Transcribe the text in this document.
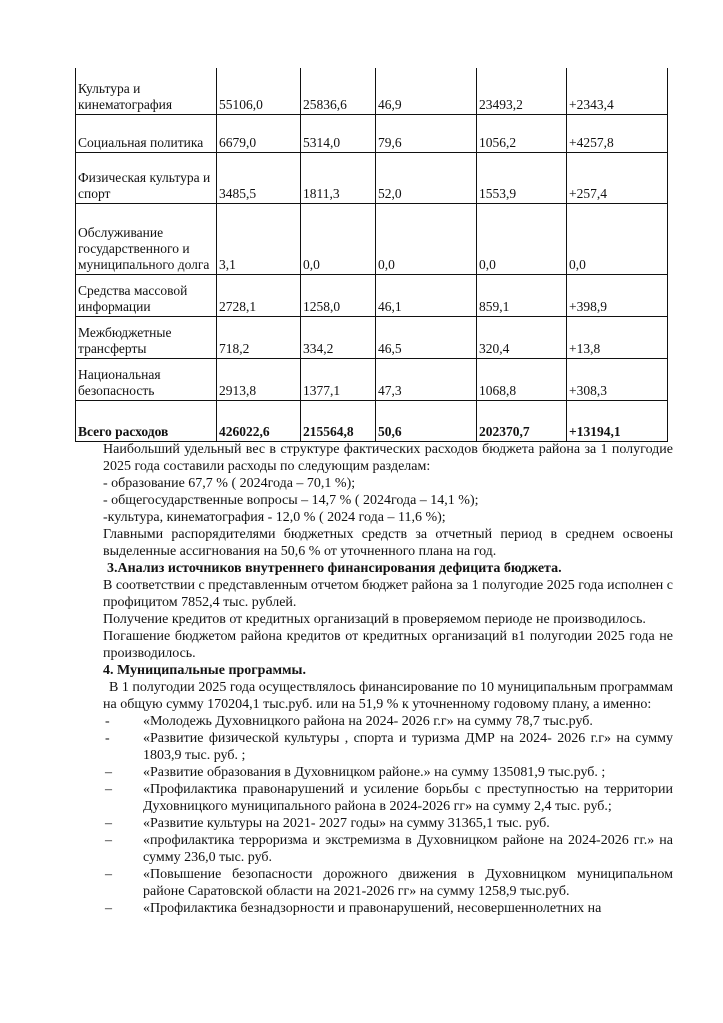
Культура и кинематография	55106,0	25836,6	46,9	23493,2	+2343,4
Социальная политика	6679,0	5314,0	79,6	1056,2	+4257,8
Физическая культура и спорт	3485,5	1811,3	52,0	1553,9	+257,4
Обслуживание государственного и муниципального долга	3,1	0,0	0,0	0,0	0,0
Средства массовой информации	2728,1	1258,0	46,1	859,1	+398,9
Межбюджетные трансферты	718,2	334,2	46,5	320,4	+13,8
Национальная безопасность	2913,8	1377,1	47,3	1068,8	+308,3
Всего расходов	426022,6	215564,8	50,6	202370,7	+13194,1

Наибольший удельный вес в структуре фактических расходов бюджета района за 1 полугодие 2025 года составили расходы по следующим разделам:

- образование 67,7 % ( 2024года – 70,1 %);

- общегосударственные вопросы – 14,7 % ( 2024года – 14,1 %);

-культура, кинематография - 12,0 % ( 2024 года – 11,6 %);

Главными распорядителями бюджетных средств за отчетный период в среднем освоены выделенные ассигнования на 50,6 % от уточненного плана на год.

3.Анализ источников внутреннего финансирования дефицита бюджета.

В соответствии с представленным отчетом бюджет района за 1 полугодие 2025 года исполнен с профицитом 7852,4 тыс. рублей.

Получение кредитов от кредитных организаций в проверяемом периоде не производилось.

Погашение бюджетом района кредитов от кредитных организаций в1 полугодии 2025 года не производилось.

4. Муниципальные программы.

В 1 полугодии 2025 года осуществлялось финансирование по 10 муниципальным программам на общую сумму 170204,1 тыс.руб. или на 51,9 % к уточненному годовому плану, а именно:

-	«Молодежь Духовницкого района на 2024- 2026 г.г» на сумму 78,7 тыс.руб.
-	«Развитие физической культуры , спорта и туризма ДМР на 2024- 2026 г.г» на сумму 1803,9 тыс. руб. ;
–	«Развитие образования в Духовницком районе.» на сумму 135081,9 тыс.руб. ;
–	«Профилактика правонарушений и усиление борьбы с преступностью на территории Духовницкого муниципального района в 2024-2026 гг» на сумму 2,4 тыс. руб.;
–	«Развитие культуры на 2021- 2027 годы» на сумму 31365,1 тыс. руб.
–	«профилактика терроризма и экстремизма в Духовницком районе на 2024-2026 гг.» на сумму 236,0 тыс. руб.
–	«Повышение безопасности дорожного движения в Духовницком муниципальном районе Саратовской области на 2021-2026 гг» на сумму 1258,9 тыс.руб.
–	«Профилактика безнадзорности и правонарушений, несовершеннолетних на
